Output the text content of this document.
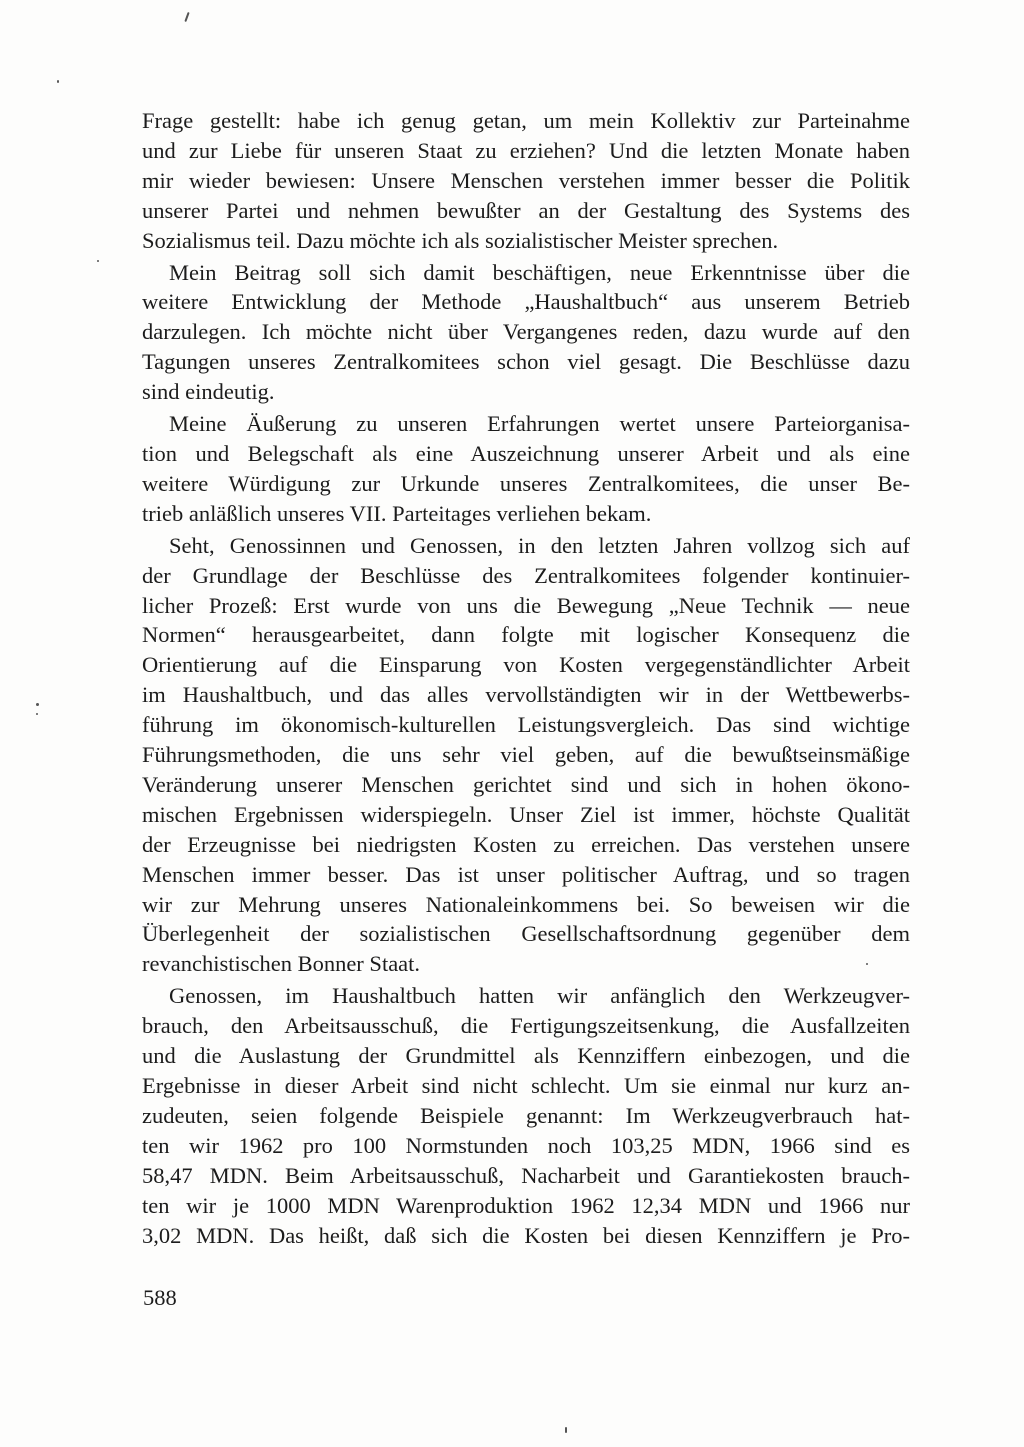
Frage gestellt: habe ich genug getan, um mein Kollektiv zur Parteinahme
und zur Liebe für unseren Staat zu erziehen? Und die letzten Monate haben
mir wieder bewiesen: Unsere Menschen verstehen immer besser die Politik
unserer Partei und nehmen bewußter an der Gestaltung des Systems des
Sozialismus teil. Dazu möchte ich als sozialistischer Meister sprechen.
Mein Beitrag soll sich damit beschäftigen, neue Erkenntnisse über die
weitere Entwicklung der Methode „Haushaltbuch“ aus unserem Betrieb
darzulegen. Ich möchte nicht über Vergangenes reden, dazu wurde auf den
Tagungen unseres Zentralkomitees schon viel gesagt. Die Beschlüsse dazu
sind eindeutig.
Meine Äußerung zu unseren Erfahrungen wertet unsere Parteiorganisa-
tion und Belegschaft als eine Auszeichnung unserer Arbeit und als eine
weitere Würdigung zur Urkunde unseres Zentralkomitees, die unser Be-
trieb anläßlich unseres VII. Parteitages verliehen bekam.
Seht, Genossinnen und Genossen, in den letzten Jahren vollzog sich auf
der Grundlage der Beschlüsse des Zentralkomitees folgender kontinuier-
licher Prozeß: Erst wurde von uns die Bewegung „Neue Technik — neue
Normen“ herausgearbeitet, dann folgte mit logischer Konsequenz die
Orientierung auf die Einsparung von Kosten vergegenständlichter Arbeit
im Haushaltbuch, und das alles vervollständigten wir in der Wettbewerbs-
führung im ökonomisch-kulturellen Leistungsvergleich. Das sind wichtige
Führungsmethoden, die uns sehr viel geben, auf die bewußtseinsmäßige
Veränderung unserer Menschen gerichtet sind und sich in hohen ökono-
mischen Ergebnissen widerspiegeln. Unser Ziel ist immer, höchste Qualität
der Erzeugnisse bei niedrigsten Kosten zu erreichen. Das verstehen unsere
Menschen immer besser. Das ist unser politischer Auftrag, und so tragen
wir zur Mehrung unseres Nationaleinkommens bei. So beweisen wir die
Überlegenheit der sozialistischen Gesellschaftsordnung gegenüber dem
revanchistischen Bonner Staat.
Genossen, im Haushaltbuch hatten wir anfänglich den Werkzeugver-
brauch, den Arbeitsausschuß, die Fertigungszeitsenkung, die Ausfallzeiten
und die Auslastung der Grundmittel als Kennziffern einbezogen, und die
Ergebnisse in dieser Arbeit sind nicht schlecht. Um sie einmal nur kurz an-
zudeuten, seien folgende Beispiele genannt: Im Werkzeugverbrauch hat-
ten wir 1962 pro 100 Normstunden noch 103,25 MDN, 1966 sind es
58,47 MDN. Beim Arbeitsausschuß, Nacharbeit und Garantiekosten brauch-
ten wir je 1000 MDN Warenproduktion 1962 12,34 MDN und 1966 nur
3,02 MDN. Das heißt, daß sich die Kosten bei diesen Kennziffern je Pro-
588
